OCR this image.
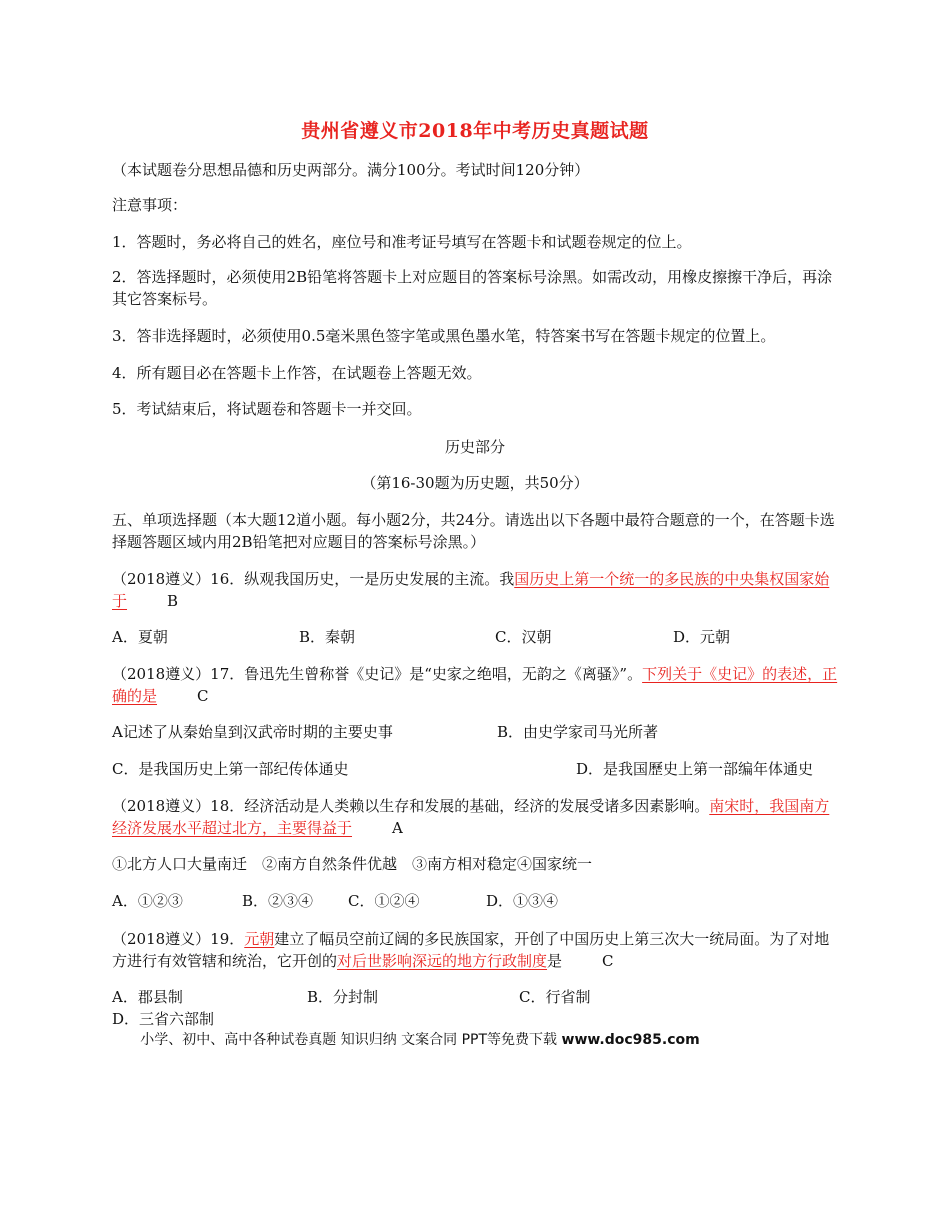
贵州省遵义市2018年中考历史真题试题
（本试题卷分思想品德和历史两部分。满分100分。考试时间120分钟）
注意事项：
1．答题时，务必将自己的姓名，座位号和准考证号填写在答题卡和试题卷规定的位上。
2．答选择题时，必须使用2B铅笔将答题卡上对应题目的答案标号涂黑。如需改动，用橡皮擦擦干净后，再涂其它答案标号。
3．答非选择题时，必须使用0.5毫米黑色签字笔或黑色墨水笔，特答案书写在答题卡规定的位置上。
4．所有题目必在答题卡上作答，在试题卷上答题无效。
5．考试結束后，将试题卷和答题卡一并交回。
历史部分
（第16-30题为历史题，共50分）
五、单项选择题（本大题12道小题。每小题2分，共24分。请选出以下各题中最符合题意的一个，在答题卡选择题答题区域内用2B铅笔把对应题目的答案标号涂黑。）
（2018遵义）16．纵观我国历史，一是历史发展的主流。我国历史上第一个统一的多民族的中央集权国家始于	B
A．夏朝	B．秦朝	C．汉朝	D．元朝
（2018遵义）17．鲁迅先生曾称誉《史记》是“史家之绝唱，无韵之《离骚》”。下列关于《史记》的表述，正确的是	C
A记述了从秦始皇到汉武帝时期的主要史事	B．由史学家司马光所著
C．是我国历史上第一部纪传体通史	D．是我国歷史上第一部编年体通史
（2018遵义）18．经济活动是人类赖以生存和发展的基础，经济的发展受诸多因素影响。南宋时，我国南方经济发展水平超过北方，主要得益于	A
①北方人口大量南迁　②南方自然条件优越　③南方相对稳定④国家统一
A．①②③	B．②③④ C．①②④	D．①③④
（2018遵义）19．元朝建立了幅员空前辽阔的多民族国家，开创了中国历史上第三次大一统局面。为了对地方进行有效管辖和统治，它开创的对后世影响深远的地方行政制度是	C
A．郡县制	B．分封制	C．行省制
D．三省六部制
小学、初中、高中各种试卷真题 知识归纳 文案合同 PPT等免费下载 www.doc985.com
